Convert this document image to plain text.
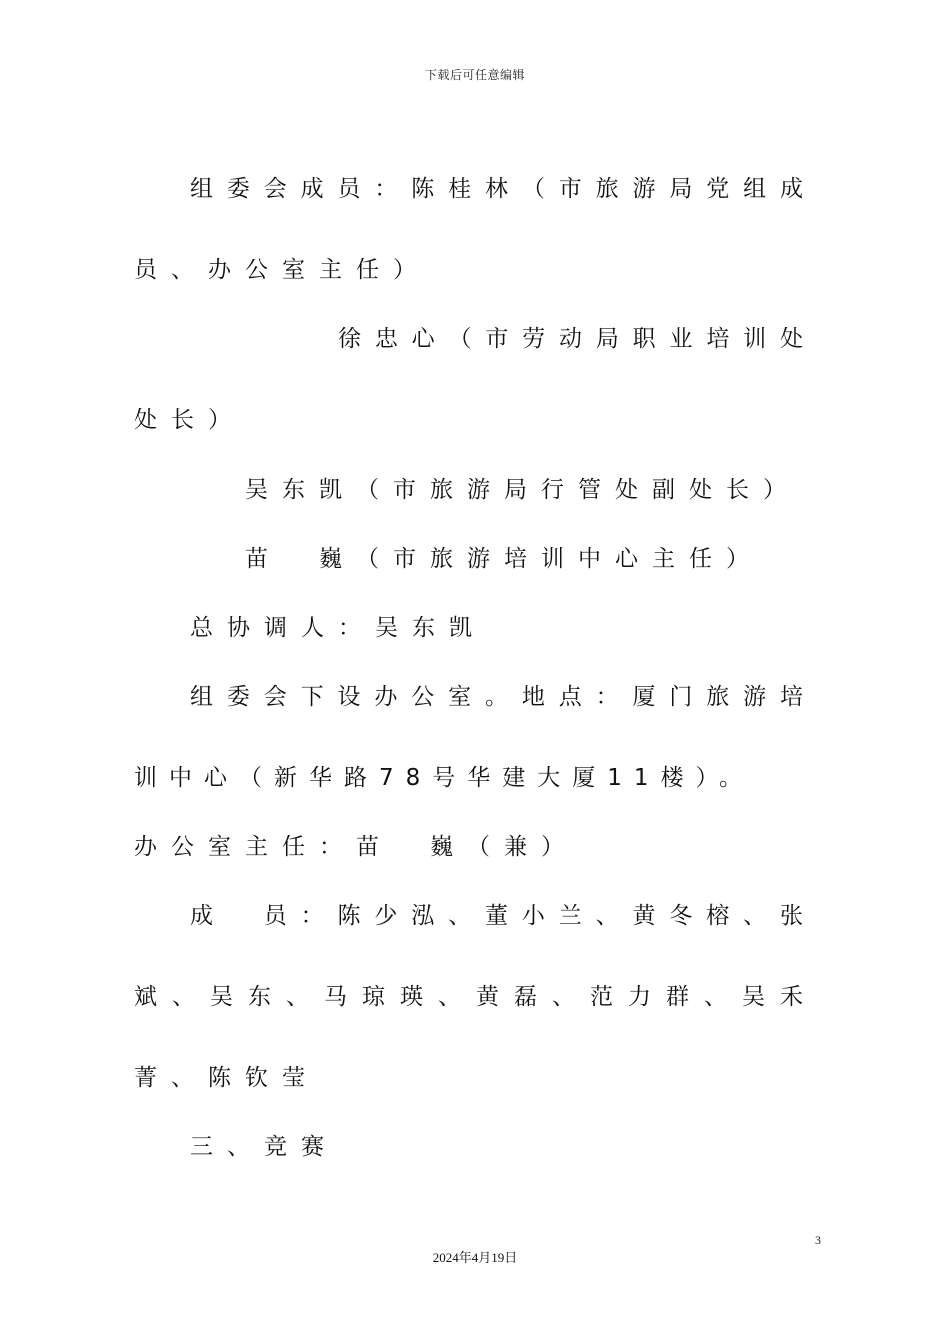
下载后可任意编辑
组委会成员：陈桂林（市旅游局党组成
员、办公室主任）
徐忠心（市劳动局职业培训处
处长）
吴东凯（市旅游局行管处副处长）
苗　巍（市旅游培训中心主任）
总协调人：吴东凯
组委会下设办公室。地点：厦门旅游培
训中心（新华路78号华建大厦11楼）。
办公室主任：苗　巍（兼）
成　员：陈少泓、董小兰、黄冬榕、张
斌、吴东、马琼瑛、黄磊、范力群、吴禾
菁、陈钦莹
三、竞赛
3
2024年4月19日
